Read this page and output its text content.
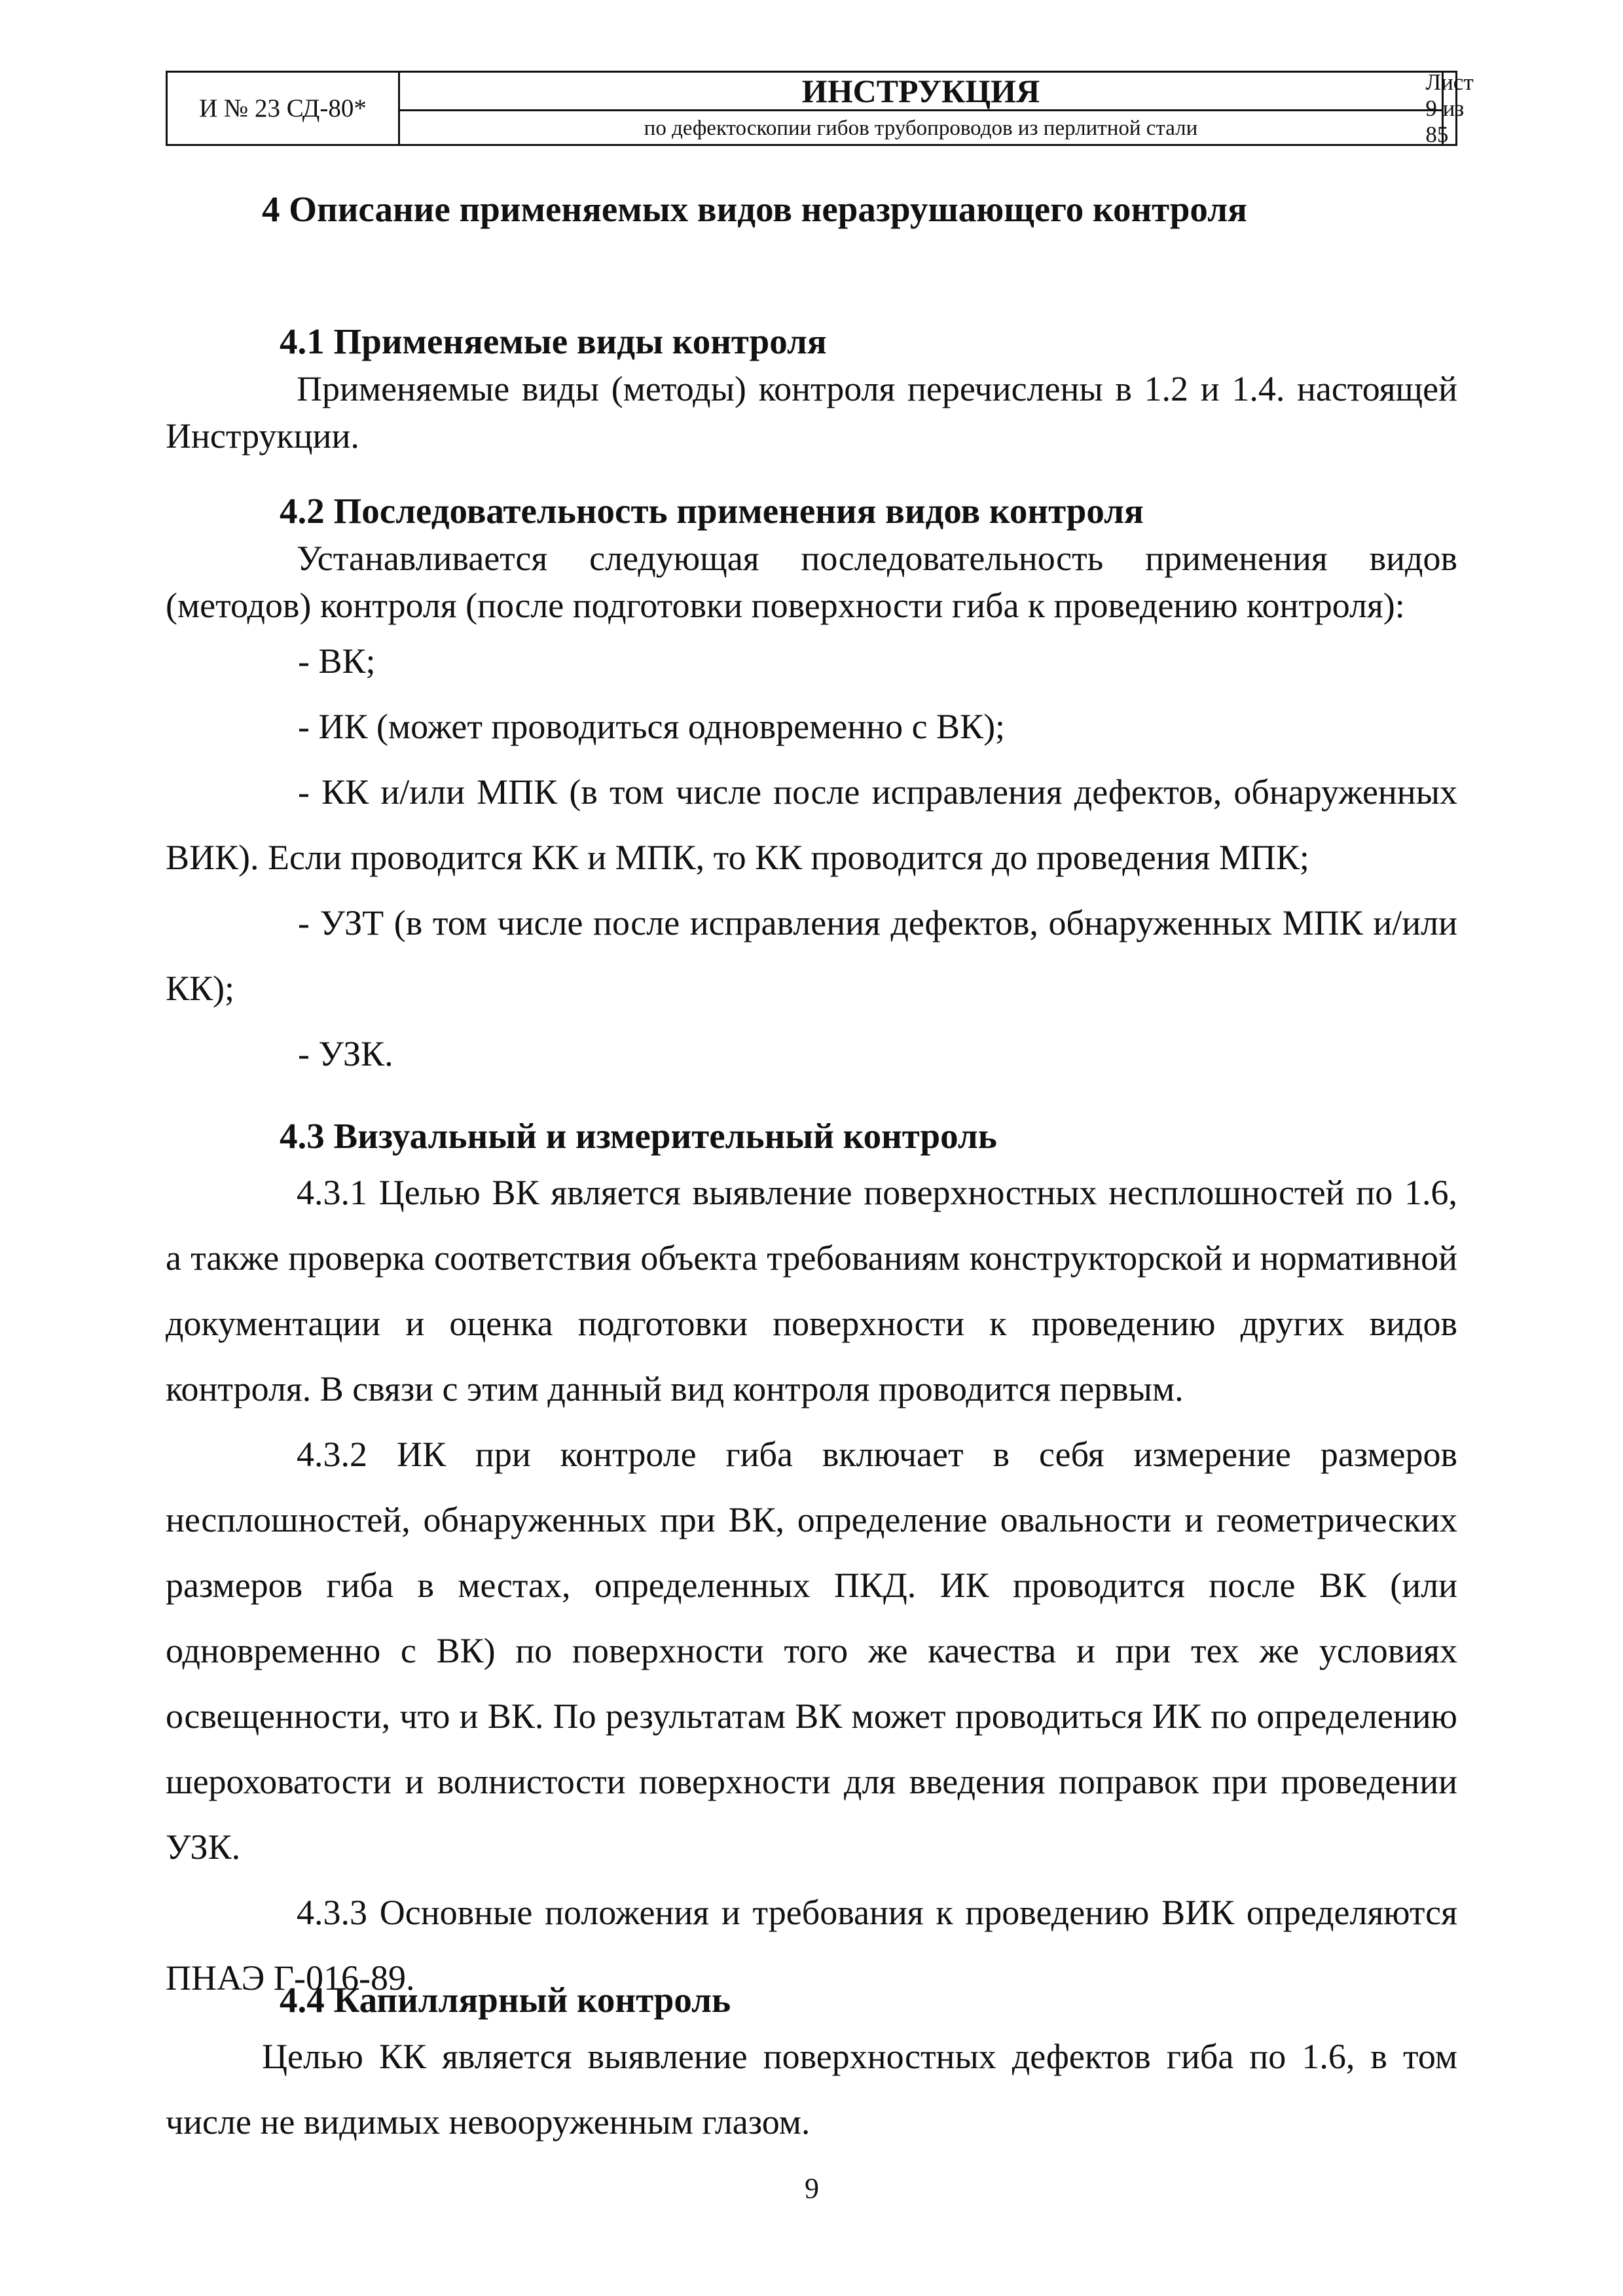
И № 23 СД-80*	ИНСТРУКЦИЯ
по дефектоскопии гибов трубопроводов из перлитной стали
Лист 9 из 85
4 Описание применяемых видов неразрушающего контроля
4.1 Применяемые виды контроля
Применяемые виды (методы) контроля перечислены в 1.2 и 1.4. настоящей Инструкции.
4.2 Последовательность применения видов контроля
Устанавливается следующая последовательность применения видов (методов) контроля (после подготовки поверхности гиба к проведению контроля):
- ВК;
- ИК (может проводиться одновременно с ВК);
- КК и/или МПК (в том числе после исправления дефектов, обнаруженных ВИК). Если проводится КК и МПК, то КК проводится до проведения МПК;
- УЗТ (в том числе после исправления дефектов, обнаруженных МПК и/или КК);
- УЗК.
4.3 Визуальный и измерительный контроль
4.3.1 Целью ВК является выявление поверхностных несплошностей по 1.6, а также проверка соответствия объекта требованиям конструкторской и нормативной документации и оценка подготовки поверхности к проведению других видов контроля. В связи с этим данный вид контроля проводится первым.
4.3.2 ИК при контроле гиба включает в себя измерение размеров несплошностей, обнаруженных при ВК, определение овальности и геометрических размеров гиба в местах, определенных ПКД. ИК проводится после ВК (или одновременно с ВК) по поверхности того же качества и при тех же условиях освещенности, что и ВК. По результатам ВК может проводиться ИК по определению шероховатости и волнистости поверхности для введения поправок при проведении УЗК.
4.3.3 Основные положения и требования к проведению ВИК определяются ПНАЭ Г-016-89.
4.4 Капиллярный контроль
Целью КК является выявление поверхностных дефектов гиба по 1.6, в том числе не видимых невооруженным глазом.
9
